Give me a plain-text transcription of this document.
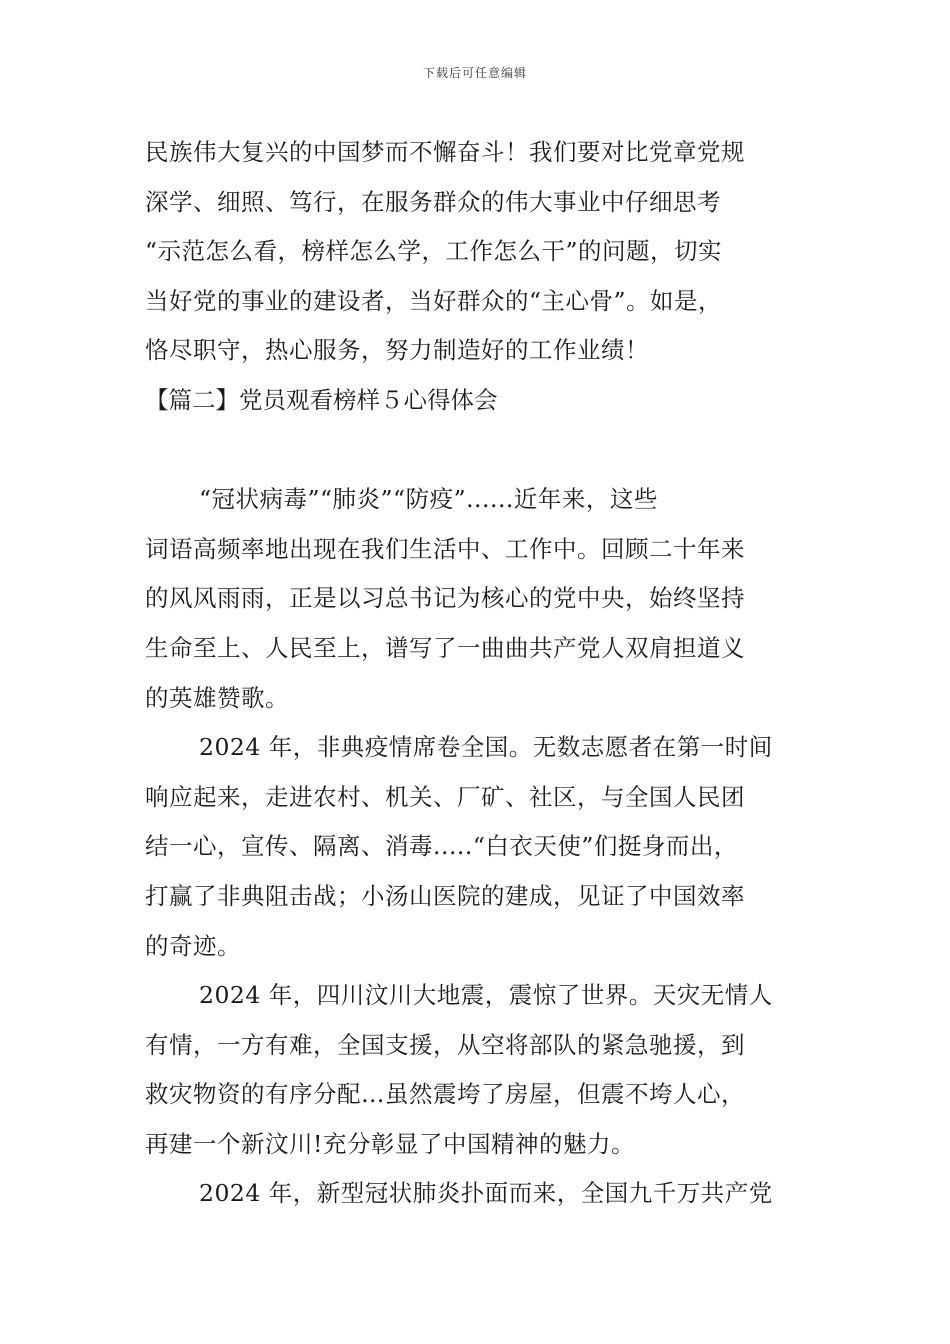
下载后可任意编辑
民族伟大复兴的中国梦而不懈奋斗！我们要对比党章党规
深学、细照、笃行，在服务群众的伟大事业中仔细思考
“示范怎么看，榜样怎么学，工作怎么干”的问题，切实
当好党的事业的建设者，当好群众的“主心骨”。如是，
恪尽职守，热心服务，努力制造好的工作业绩！
【篇二】党员观看榜样５心得体会
“冠状病毒”“肺炎”“防疫”......近年来，这些
词语高频率地出现在我们生活中、工作中。回顾二十年来
的风风雨雨，正是以习总书记为核心的党中央，始终坚持
生命至上、人民至上，谱写了一曲曲共产党人双肩担道义
的英雄赞歌。
2024 年，非典疫情席卷全国。无数志愿者在第一时间
响应起来，走进农村、机关、厂矿、社区，与全国人民团
结一心，宣传、隔离、消毒.....“白衣天使”们挺身而出，
打赢了非典阻击战；小汤山医院的建成，见证了中国效率
的奇迹。
2024 年，四川汶川大地震，震惊了世界。天灾无情人
有情，一方有难，全国支援，从空将部队的紧急驰援，到
救灾物资的有序分配…虽然震垮了房屋，但震不垮人心，
再建一个新汶川!充分彰显了中国精神的魅力。
2024 年，新型冠状肺炎扑面而来，全国九千万共产党
